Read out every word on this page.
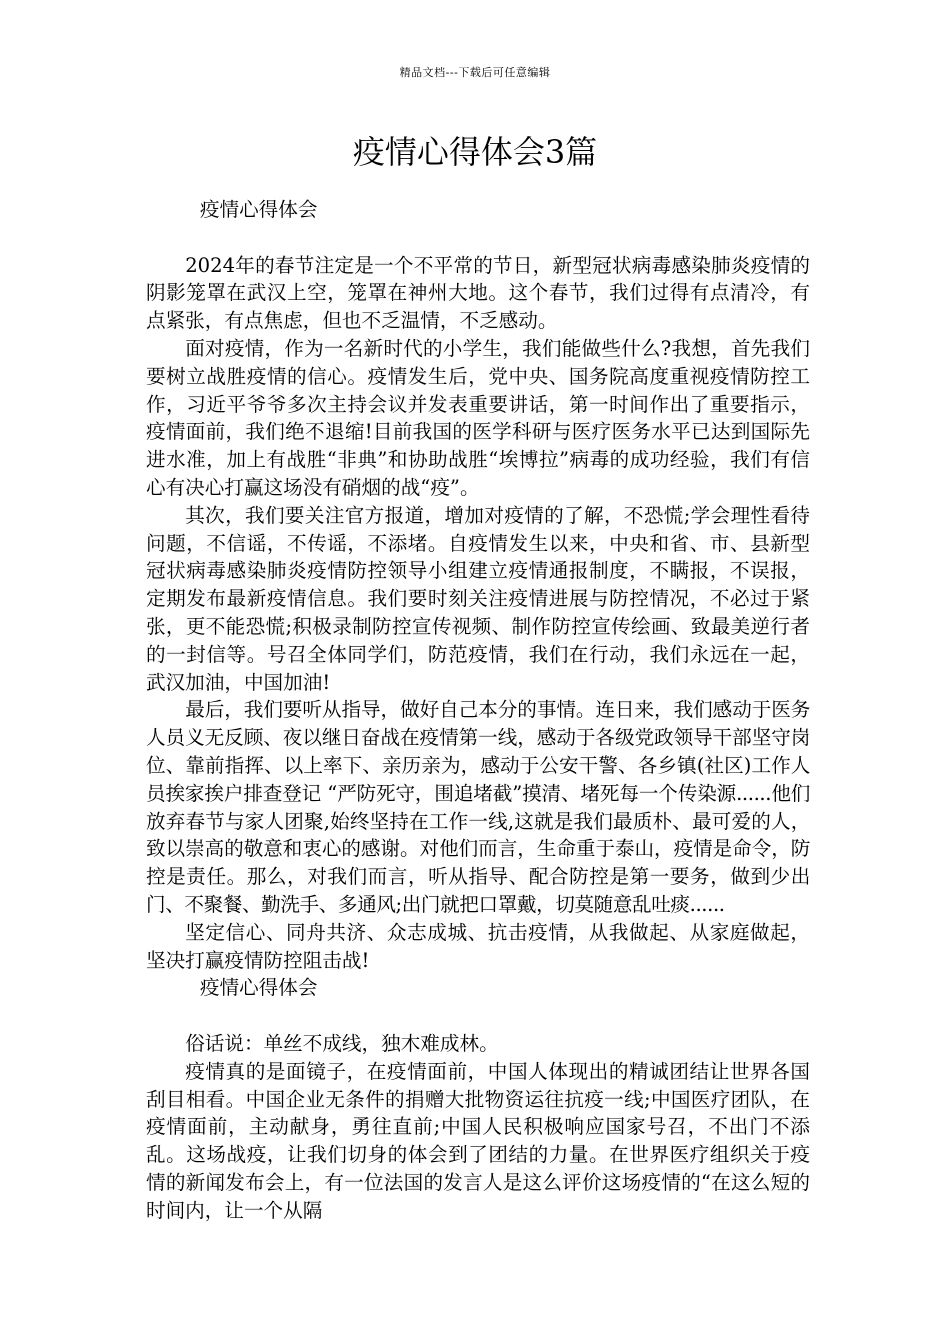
精品文档---下载后可任意编辑
疫情心得体会3篇

疫情心得体会

2024年的春节注定是一个不平常的节日，新型冠状病毒感染肺炎疫情的阴影笼罩在武汉上空，笼罩在神州大地。这个春节，我们过得有点清冷，有点紧张，有点焦虑，但也不乏温情，不乏感动。

面对疫情，作为一名新时代的小学生，我们能做些什么?我想，首先我们要树立战胜疫情的信心。疫情发生后，党中央、国务院高度重视疫情防控工作，习近平爷爷多次主持会议并发表重要讲话，第一时间作出了重要指示，疫情面前，我们绝不退缩!目前我国的医学科研与医疗医务水平已达到国际先进水准，加上有战胜“非典”和协助战胜“埃博拉”病毒的成功经验，我们有信心有决心打赢这场没有硝烟的战“疫”。

其次，我们要关注官方报道，增加对疫情的了解，不恐慌;学会理性看待问题，不信谣，不传谣，不添堵。自疫情发生以来，中央和省、市、县新型冠状病毒感染肺炎疫情防控领导小组建立疫情通报制度，不瞒报，不误报，定期发布最新疫情信息。我们要时刻关注疫情进展与防控情况，不必过于紧张，更不能恐慌;积极录制防控宣传视频、制作防控宣传绘画、致最美逆行者的一封信等。号召全体同学们，防范疫情，我们在行动，我们永远在一起，武汉加油，中国加油!

最后，我们要听从指导，做好自己本分的事情。连日来，我们感动于医务人员义无反顾、夜以继日奋战在疫情第一线，感动于各级党政领导干部坚守岗位、靠前指挥、以上率下、亲历亲为，感动于公安干警、各乡镇(社区)工作人员挨家挨户排查登记 “严防死守，围追堵截”摸清、堵死每一个传染源......他们放弃春节与家人团聚,始终坚持在工作一线,这就是我们最质朴、最可爱的人，致以崇高的敬意和衷心的感谢。对他们而言，生命重于泰山，疫情是命令，防控是责任。那么，对我们而言，听从指导、配合防控是第一要务，做到少出门、不聚餐、勤洗手、多通风;出门就把口罩戴，切莫随意乱吐痰......

坚定信心、同舟共济、众志成城、抗击疫情，从我做起、从家庭做起，坚决打赢疫情防控阻击战!

疫情心得体会

俗话说：单丝不成线，独木难成林。

疫情真的是面镜子，在疫情面前，中国人体现出的精诚团结让世界各国刮目相看。中国企业无条件的捐赠大批物资运往抗疫一线;中国医疗团队，在疫情面前，主动献身，勇往直前;中国人民积极响应国家号召，不出门不添乱。这场战疫，让我们切身的体会到了团结的力量。在世界医疗组织关于疫情的新闻发布会上，有一位法国的发言人是这么评价这场疫情的“在这么短的时间内，让一个从隔
